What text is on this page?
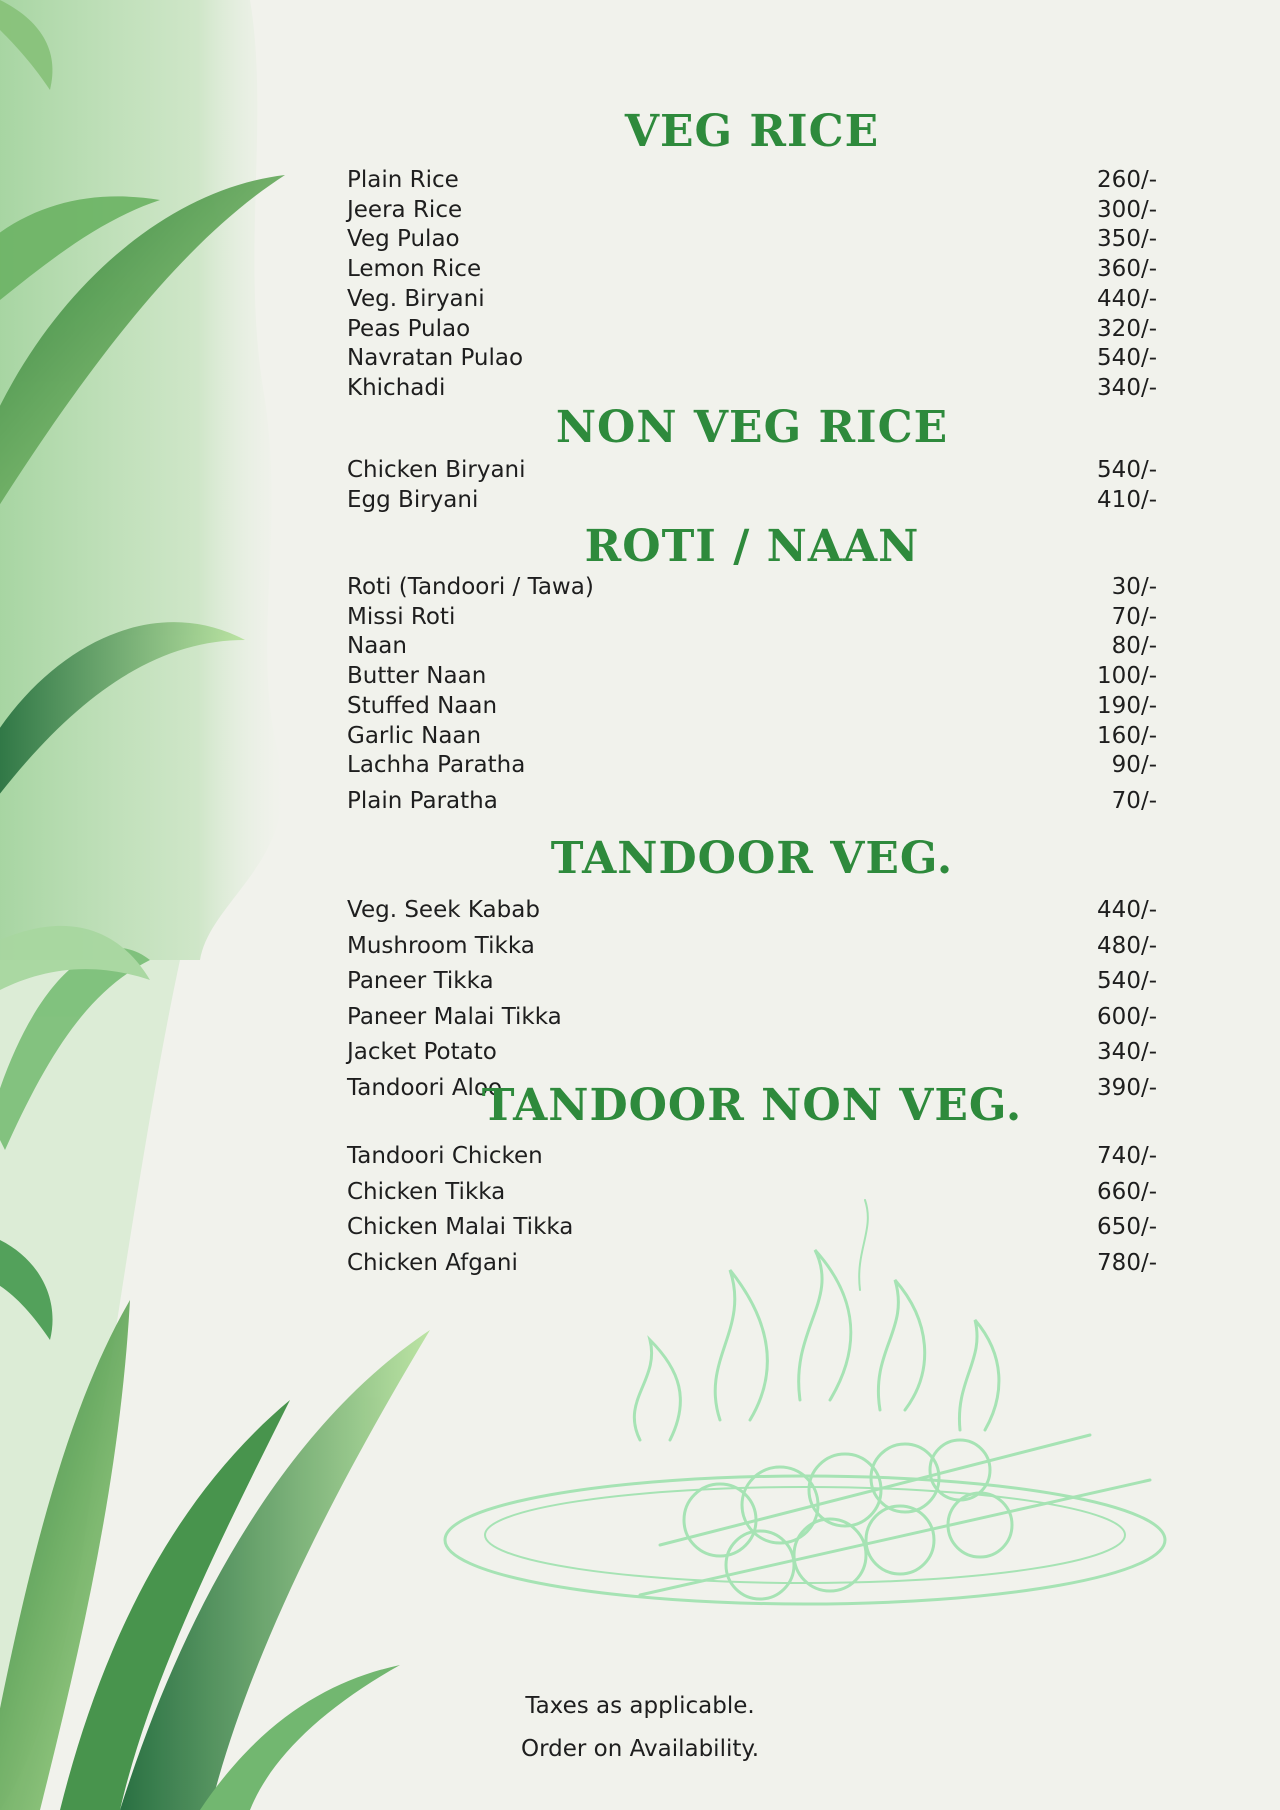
VEG RICE
Plain Rice	260/-
Jeera Rice	300/-
Veg Pulao	350/-
Lemon Rice	360/-
Veg. Biryani	440/-
Peas Pulao	320/-
Navratan Pulao	540/-
Khichadi	340/-
NON VEG RICE
Chicken Biryani	540/-
Egg Biryani	410/-
ROTI / NAAN
Roti (Tandoori / Tawa)	30/-
Missi Roti	70/-
Naan	80/-
Butter Naan	100/-
Stuffed Naan	190/-
Garlic Naan	160/-
Lachha Paratha	90/-
Plain Paratha	70/-
TANDOOR VEG.
Veg. Seek Kabab	440/-
Mushroom Tikka	480/-
Paneer Tikka	540/-
Paneer Malai Tikka	600/-
Jacket Potato	340/-
Tandoori Aloo	390/-
TANDOOR NON VEG.
Tandoori Chicken	740/-
Chicken Tikka	660/-
Chicken Malai Tikka	650/-
Chicken Afgani	780/-
Taxes as applicable.
Order on Availability.
